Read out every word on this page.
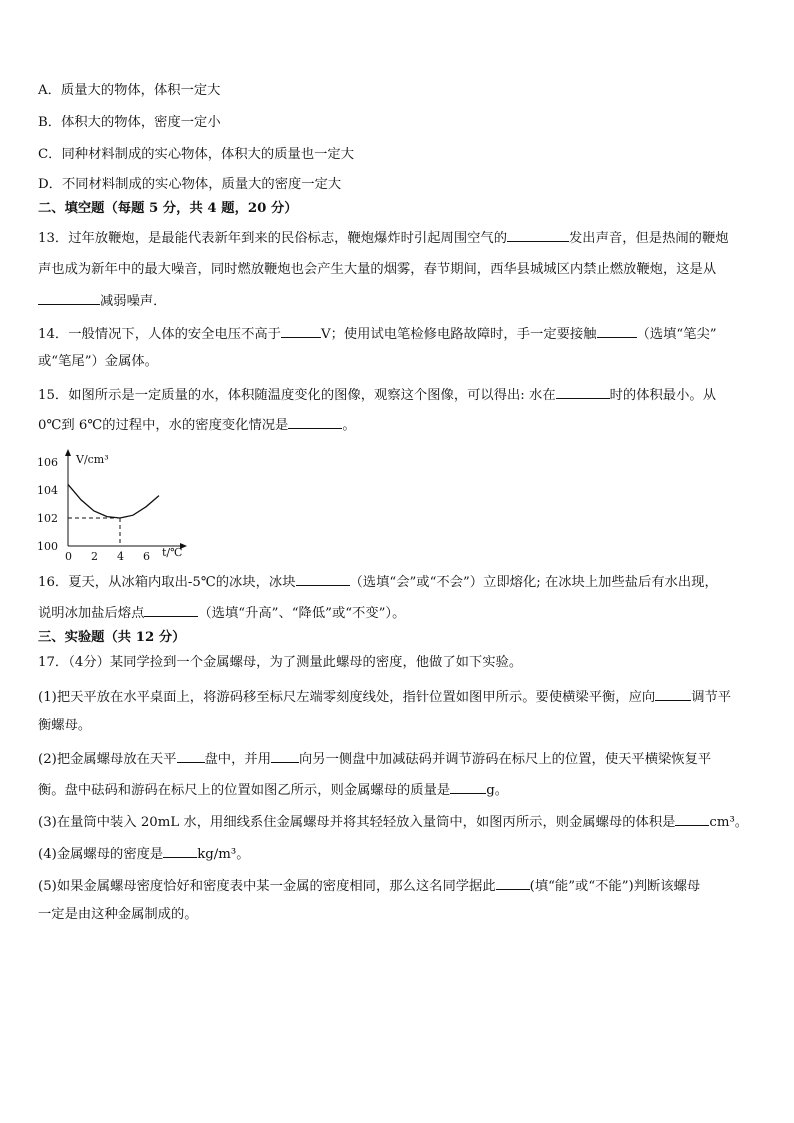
A．质量大的物体，体积一定大
B．体积大的物体，密度一定小
C．同种材料制成的实心物体，体积大的质量也一定大
D．不同材料制成的实心物体，质量大的密度一定大
二、填空题（每题 5 分，共 4 题，20 分）
13．过年放鞭炮，是最能代表新年到来的民俗标志，鞭炮爆炸时引起周围空气的	发出声音，但是热闹的鞭炮
声也成为新年中的最大噪音，同时燃放鞭炮也会产生大量的烟雾，春节期间，西华县城城区内禁止燃放鞭炮，这是从
减弱噪声．
14．一般情况下，人体的安全电压不高于	V；使用试电笔检修电路故障时，手一定要接触	（选填“笔尖”
或“笔尾”）金属体。
15．如图所示是一定质量的水，体积随温度变化的图像，观察这个图像，可以得出: 水在	时的体积最小。从
0℃到 6℃的过程中，水的密度变化情况是	。
V/cm³
t/℃
100
102
104
106
0 2 4 6
16．夏天，从冰箱内取出-5℃的冰块，冰块	（选填“会”或“不会”）立即熔化; 在冰块上加些盐后有水出现，
说明冰加盐后熔点	（选填“升高”、“降低”或“不变”）。
三、实验题（共 12 分）
17．（4分）某同学捡到一个金属螺母，为了测量此螺母的密度，他做了如下实验。
(1)把天平放在水平桌面上，将游码移至标尺左端零刻度线处，指针位置如图甲所示。要使横梁平衡，应向	调节平
衡螺母。
(2)把金属螺母放在天平 盘中，并用 向另一侧盘中加减砝码并调节游码在标尺上的位置，使天平横梁恢复平
衡。盘中砝码和游码在标尺上的位置如图乙所示，则金属螺母的质量是	g。
(3)在量筒中装入 20mL 水，用细线系住金属螺母并将其轻轻放入量筒中，如图丙所示，则金属螺母的体积是	cm³。
(4)金属螺母的密度是	kg/m³。
(5)如果金属螺母密度恰好和密度表中某一金属的密度相同，那么这名同学据此	(填“能”或“不能”)判断该螺母
一定是由这种金属制成的。
